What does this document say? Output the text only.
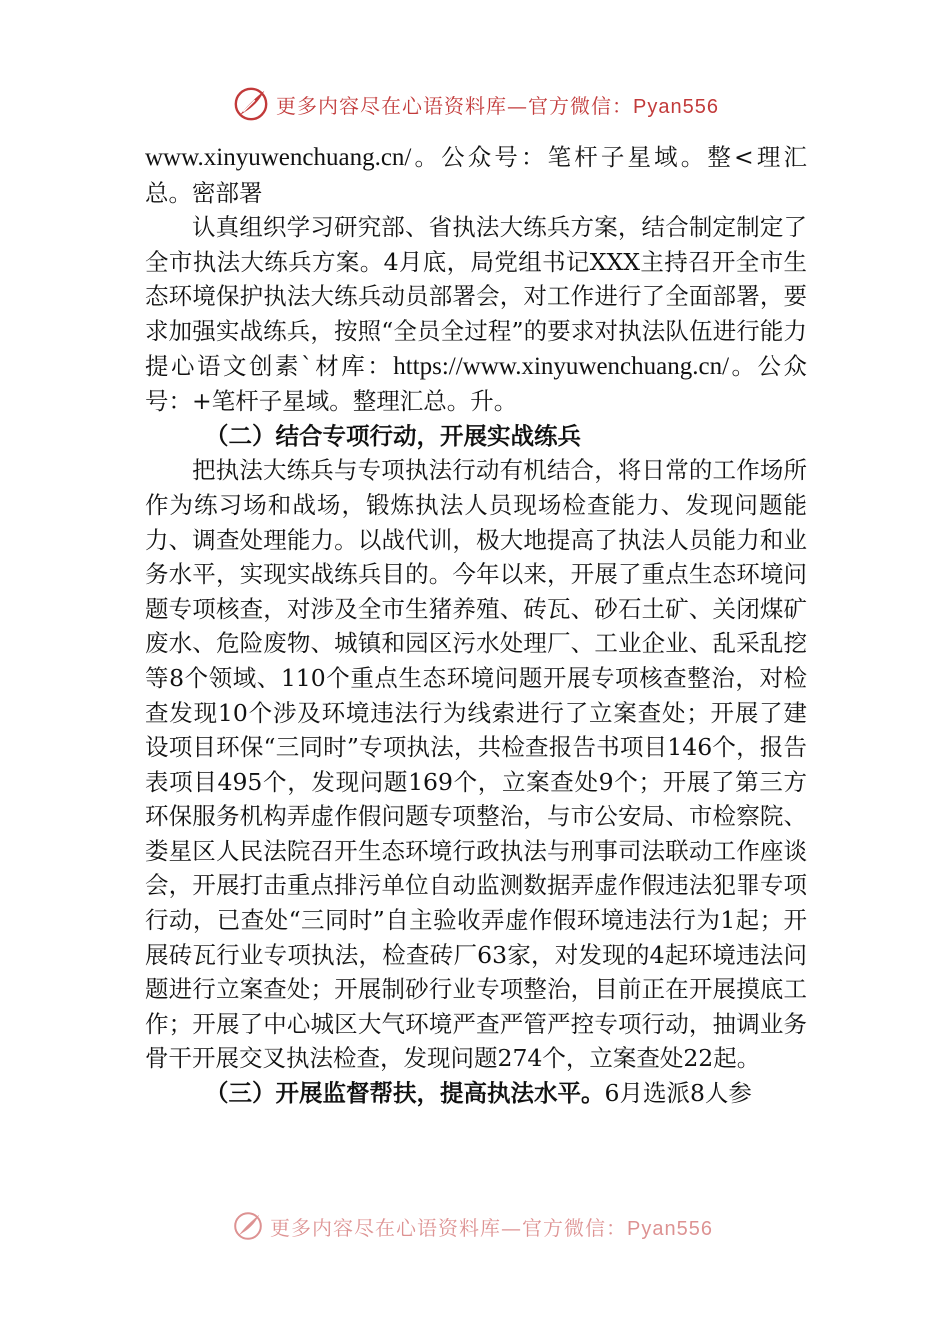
更多内容尽在心语资料库—官方微信：Pyan556

www.xinyuwenchuang.cn/。公众号：笔杆子星域。整<理汇总。密部署

认真组织学习研究部、省执法大练兵方案，结合制定制定了全市执法大练兵方案。4月底，局党组书记XXX主持召开全市生态环境保护执法大练兵动员部署会，对工作进行了全面部署，要求加强实战练兵，按照“全员全过程”的要求对执法队伍进行能力提心语文创素`材库：https://www.xinyuwenchuang.cn/。公众号：+笔杆子星域。整理汇总。升。

（二）结合专项行动，开展实战练兵

把执法大练兵与专项执法行动有机结合，将日常的工作场所作为练习场和战场，锻炼执法人员现场检查能力、发现问题能力、调查处理能力。以战代训，极大地提高了执法人员能力和业务水平，实现实战练兵目的。今年以来，开展了重点生态环境问题专项核查，对涉及全市生猪养殖、砖瓦、砂石土矿、关闭煤矿废水、危险废物、城镇和园区污水处理厂、工业企业、乱采乱挖等8个领域、110个重点生态环境问题开展专项核查整治，对检查发现10个涉及环境违法行为线索进行了立案查处；开展了建设项目环保“三同时”专项执法，共检查报告书项目146个，报告表项目495个，发现问题169个，立案查处9个；开展了第三方环保服务机构弄虚作假问题专项整治，与市公安局、市检察院、娄星区人民法院召开生态环境行政执法与刑事司法联动工作座谈会，开展打击重点排污单位自动监测数据弄虚作假违法犯罪专项行动，已查处“三同时”自主验收弄虚作假环境违法行为1起；开展砖瓦行业专项执法，检查砖厂63家，对发现的4起环境违法问题进行立案查处；开展制砂行业专项整治，目前正在开展摸底工作；开展了中心城区大气环境严查严管严控专项行动，抽调业务骨干开展交叉执法检查，发现问题274个，立案查处22起。

（三）开展监督帮扶，提高执法水平。6月选派8人参

更多内容尽在心语资料库—官方微信：Pyan556
